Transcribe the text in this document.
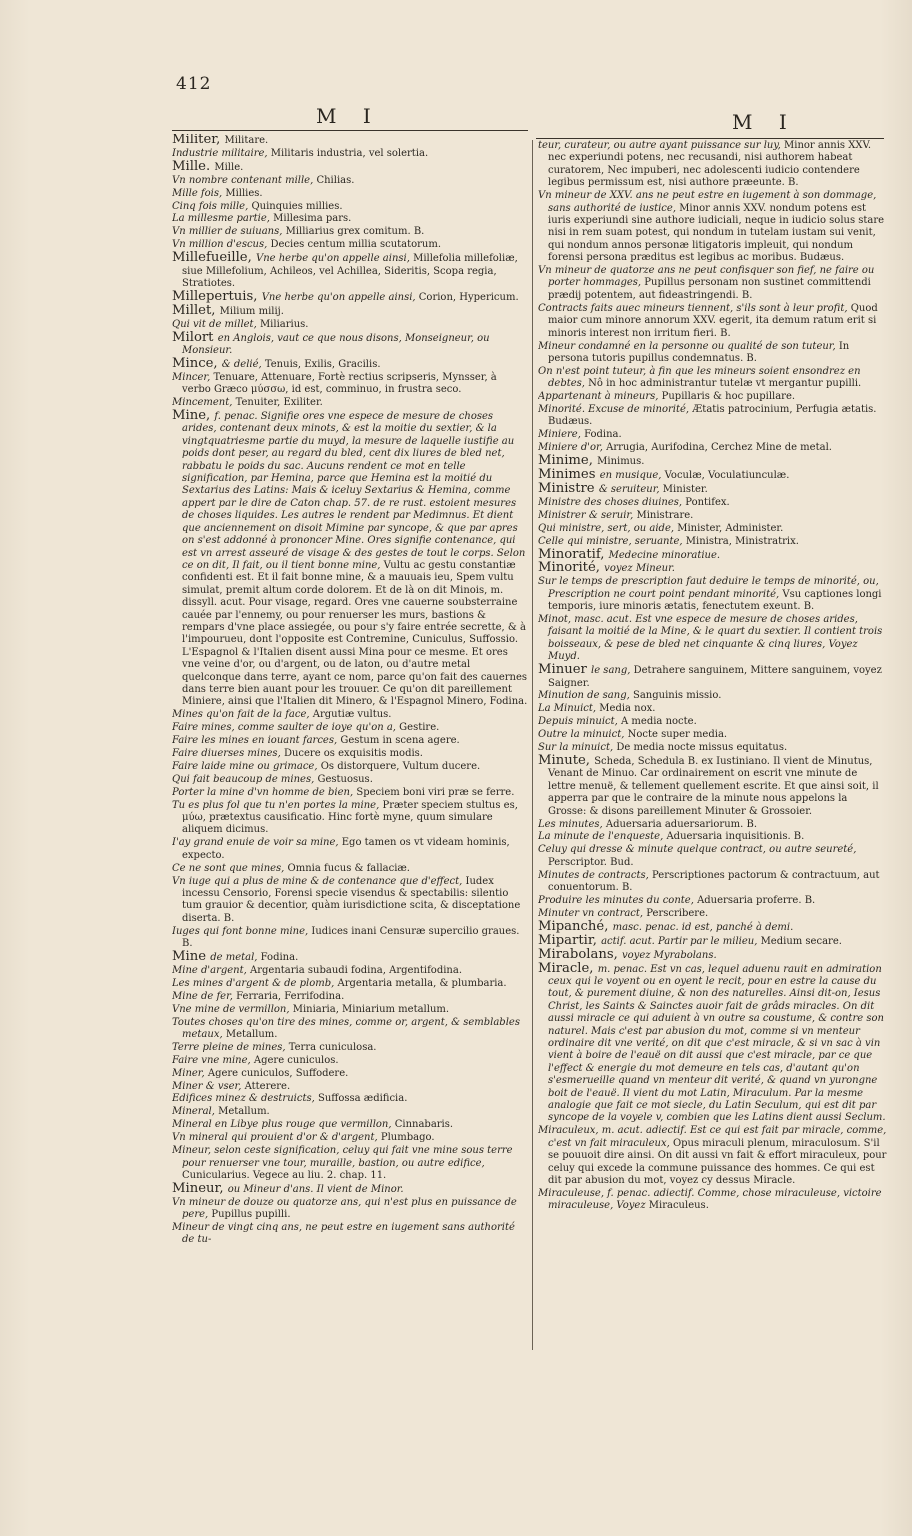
412
M I	M I
Militer, Militare.
Industrie militaire, Militaris industria, vel solertia.
Mille. Mille.
Vn nombre contenant mille, Chilias.
Mille fois, Millies.
Cinq fois mille, Quinquies millies.
La millesme partie, Millesima pars.
Vn millier de suiuans, Milliarius grex comitum. B.
Vn million d'escus, Decies centum millia scutatorum.
Millefueille, Vne herbe qu'on appelle ainsi, Millefolia millefoliæ, siue Millefolium, Achileos, vel Achillea, Sideritis, Scopa regia, Stratiotes.
Millepertuis, Vne herbe qu'on appelle ainsi, Corion, Hypericum.
Millet, Milium milij.
Qui vit de millet, Miliarius.
Milort en Anglois, vaut ce que nous disons, Monseigneur, ou Monsieur.
Mince, & delié, Tenuis, Exilis, Gracilis.
Mincer, Tenuare, Attenuare, Fortè rectius scripseris, Mynsser, à verbo Græco μύσσω, id est, comminuo, in frustra seco.
Mincement, Tenuiter, Exiliter.
Mine, f. penac. Signifie ores vne espece de mesure de choses arides, contenant deux minots, & est la moitie du sextier, & la vingtquatriesme partie du muyd, la mesure de laquelle iustifie au poids dont peser, au regard du bled, cent dix liures de bled net, rabbatu le poids du sac. Aucuns rendent ce mot en telle signification, par Hemina, parce que Hemina est la moitié du Sextarius des Latins: Mais & iceluy Sextarius & Hemina, comme appert par le dire de Caton chap. 57. de re rust. estoient mesures de choses liquides. Les autres le rendent par Medimnus. Et dient que anciennement on disoit Mimine par syncope, & que par apres on s'est addonné à prononcer Mine. Ores signifie contenance, qui est vn arrest asseuré de visage & des gestes de tout le corps. Selon ce on dit, Il fait, ou il tient bonne mine, Vultu ac gestu constantiæ confidenti est. Et il fait bonne mine, & a mauuais ieu, Spem vultu simulat, premit altum corde dolorem. Et de là on dit Minois, m. dissyll. acut. Pour visage, regard. Ores vne cauerne soubsterraine cauée par l'ennemy, ou pour renuerser les murs, bastions & rempars d'vne place assiegée, ou pour s'y faire entrée secrette, & à l'impourueu, dont l'opposite est Contremine, Cuniculus, Suffossio. L'Espagnol & l'Italien disent aussi Mina pour ce mesme. Et ores vne veine d'or, ou d'argent, ou de laton, ou d'autre metal quelconque dans terre, ayant ce nom, parce qu'on fait des cauernes dans terre bien auant pour les trouuer. Ce qu'on dit pareillement Miniere, ainsi que l'Italien dit Minero, & l'Espagnol Minero, Fodina.
Mines qu'on fait de la face, Argutiæ vultus.
Faire mines, comme saulter de ioye qu'on a, Gestire.
Faire les mines en iouant farces, Gestum in scena agere.
Faire diuerses mines, Ducere os exquisitis modis.
Faire laide mine ou grimace, Os distorquere, Vultum ducere.
Qui fait beaucoup de mines, Gestuosus.
Porter la mine d'vn homme de bien, Speciem boni viri præ se ferre.
Tu es plus fol que tu n'en portes la mine, Præter speciem stultus es, μύω, prætextus causificatio. Hinc fortè myne, quum simulare aliquem dicimus.
I'ay grand enuie de voir sa mine, Ego tamen os vt videam hominis, expecto.
Ce ne sont que mines, Omnia fucus & fallaciæ.
Vn iuge qui a plus de mine & de contenance que d'effect, Iudex incessu Censorio, Forensi specie visendus & spectabilis: silentio tum grauior & decentior, quàm iurisdictione scita, & disceptatione diserta. B.
Iuges qui font bonne mine, Iudices inani Censuræ supercilio graues. B.
Mine de metal, Fodina.
Mine d'argent, Argentaria subaudi fodina, Argentifodina.
Les mines d'argent & de plomb, Argentaria metalla, & plumbaria.
Mine de fer, Ferraria, Ferrifodina.
Vne mine de vermillon, Miniaria, Miniarium metallum.
Toutes choses qu'on tire des mines, comme or, argent, & semblables metaux, Metallum.
Terre pleine de mines, Terra cuniculosa.
Faire vne mine, Agere cuniculos.
Miner, Agere cuniculos, Suffodere.
Miner & vser, Atterere.
Edifices minez & destruicts, Suffossa ædificia.
Mineral, Metallum.
Mineral en Libye plus rouge que vermillon, Cinnabaris.
Vn mineral qui prouient d'or & d'argent, Plumbago.
Mineur, selon ceste signification, celuy qui fait vne mine sous terre pour renuerser vne tour, muraille, bastion, ou autre edifice, Cunicularius. Vegece au liu. 2. chap. 11.
Mineur, ou Mineur d'ans. Il vient de Minor.
Vn mineur de douze ou quatorze ans, qui n'est plus en puissance de pere, Pupillus pupilli.
Mineur de vingt cinq ans, ne peut estre en iugement sans authorité de tu-
teur, curateur, ou autre ayant puissance sur luy, Minor annis XXV. nec experiundi potens, nec recusandi, nisi authorem habeat curatorem, Nec impuberi, nec adolescenti iudicio contendere legibus permissum est, nisi authore præeunte. B.
Vn mineur de XXV. ans ne peut estre en iugement à son dommage, sans authorité de iustice, Minor annis XXV. nondum potens est iuris experiundi sine authore iudiciali, neque in iudicio solus stare nisi in rem suam potest, qui nondum in tutelam iustam sui venit, qui nondum annos personæ litigatoris impleuit, qui nondum forensi persona præditus est legibus ac moribus. Budæus.
Vn mineur de quatorze ans ne peut confisquer son fief, ne faire ou porter hommages, Pupillus personam non sustinet committendi prædij potentem, aut fideastringendi. B.
Contracts faits auec mineurs tiennent, s'ils sont à leur profit, Quod maior cum minore annorum XXV. egerit, ita demum ratum erit si minoris interest non irritum fieri. B.
Mineur condamné en la personne ou qualité de son tuteur, In persona tutoris pupillus condemnatus. B.
On n'est point tuteur, à fin que les mineurs soient ensondrez en debtes, Nô in hoc administrantur tutelæ vt mergantur pupilli.
Appartenant à mineurs, Pupillaris & hoc pupillare.
Minorité. Excuse de minorité, Ætatis patrocinium, Perfugia ætatis. Budæus.
Miniere, Fodina.
Miniere d'or, Arrugia, Aurifodina, Cerchez Mine de metal.
Minime, Minimus.
Minimes en musique, Voculæ, Voculatiunculæ.
Ministre & seruiteur, Minister.
Ministre des choses diuines, Pontifex.
Ministrer & seruir, Ministrare.
Qui ministre, sert, ou aide, Minister, Administer.
Celle qui ministre, seruante, Ministra, Ministratrix.
Minoratif, Medecine minoratiue.
Minorité, voyez Mineur.
Sur le temps de prescription faut deduire le temps de minorité, ou, Prescription ne court point pendant minorité, Vsu captiones longi temporis, iure minoris ætatis, fenectutem exeunt. B.
Minot, masc. acut. Est vne espece de mesure de choses arides, faisant la moitié de la Mine, & le quart du sextier. Il contient trois boisseaux, & pese de bled net cinquante & cinq liures, Voyez Muyd.
Minuer le sang, Detrahere sanguinem, Mittere sanguinem, voyez Saigner.
Minution de sang, Sanguinis missio.
La Minuict, Media nox.
Depuis minuict, A media nocte.
Outre la minuict, Nocte super media.
Sur la minuict, De media nocte missus equitatus.
Minute, Scheda, Schedula B. ex Iustiniano. Il vient de Minutus, Venant de Minuo. Car ordinairement on escrit vne minute de lettre menuë, & tellement quellement escrite. Et que ainsi soit, il apperra par que le contraire de la minute nous appelons la Grosse: & disons pareillement Minuter & Grossoier.
Les minutes, Aduersaria aduersariorum. B.
La minute de l'enqueste, Aduersaria inquisitionis. B.
Celuy qui dresse & minute quelque contract, ou autre seureté, Perscriptor. Bud.
Minutes de contracts, Perscriptiones pactorum & contractuum, aut conuentorum. B.
Produire les minutes du conte, Aduersaria proferre. B.
Minuter vn contract, Perscribere.
Mipanché, masc. penac. id est, panché à demi.
Mipartir, actif. acut. Partir par le milieu, Medium secare.
Mirabolans, voyez Myrabolans.
Miracle, m. penac. Est vn cas, lequel aduenu rauit en admiration ceux qui le voyent ou en oyent le recit, pour en estre la cause du tout, & purement diuine, & non des naturelles. Ainsi dit-on, Iesus Christ, les Saints & Sainctes auoir fait de grâds miracles. On dit aussi miracle ce qui aduient à vn outre sa coustume, & contre son naturel. Mais c'est par abusion du mot, comme si vn menteur ordinaire dit vne verité, on dit que c'est miracle, & si vn sac à vin vient à boire de l'eauë on dit aussi que c'est miracle, par ce que l'effect & energie du mot demeure en tels cas, d'autant qu'on s'esmerueille quand vn menteur dit verité, & quand vn yurongne boit de l'eauë. Il vient du mot Latin, Miraculum. Par la mesme analogie que fait ce mot siecle, du Latin Seculum, qui est dit par syncope de la voyele v, combien que les Latins dient aussi Seclum.
Miraculeux, m. acut. adiectif. Est ce qui est fait par miracle, comme, c'est vn fait miraculeux, Opus miraculi plenum, miraculosum. S'il se pouuoit dire ainsi. On dit aussi vn fait & effort miraculeux, pour celuy qui excede la commune puissance des hommes. Ce qui est dit par abusion du mot, voyez cy dessus Miracle.
Miraculeuse, f. penac. adiectif. Comme, chose miraculeuse, victoire miraculeuse, Voyez Miraculeus.
